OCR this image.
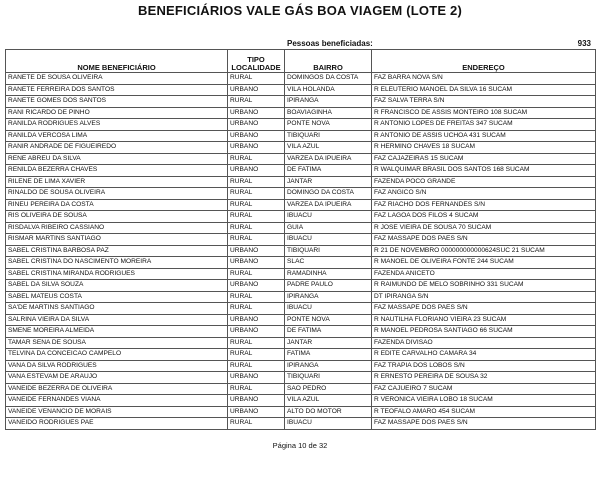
BENEFICIÁRIOS VALE GÁS BOA VIAGEM (LOTE 2)
Pessoas beneficiadas:	933
NOME BENEFICIÁRIO	TIPO LOCALIDADE	BAIRRO	ENDEREÇO
RANETE DE SOUSA OLIVEIRA	RURAL	DOMINGOS DA COSTA	FAZ BARRA NOVA S/N
RANETE FERREIRA DOS SANTOS	URBANO	VILA HOLANDA	R ELEUTERIO MANOEL DA SILVA 16 SUCAM
RANETE GOMES DOS SANTOS	RURAL	IPIRANGA	FAZ SALVA TERRA S/N
RANI RICARDO DE PINHO	URBANO	BOAVIAGINHA	R FRANCISCO DE ASSIS MONTEIRO 108 SUCAM
RANILDA RODRIGUES ALVES	URBANO	PONTE NOVA	R ANTONIO LOPES DE FREITAS 347 SUCAM
RANILDA VERCOSA LIMA	URBANO	TIBIQUARI	R ANTONIO DE ASSIS UCHOA 431 SUCAM
RANIR ANDRADE DE FIGUEIREDO	URBANO	VILA AZUL	R HERMINO CHAVES 18 SUCAM
RENE ABREU DA SILVA	RURAL	VARZEA DA IPUEIRA	FAZ CAJAZEIRAS 15 SUCAM
RENILDA BEZERRA CHAVES	URBANO	DE FATIMA	R WALQUIMAR BRASIL DOS SANTOS 168 SUCAM
RILENE DE LIMA XAVIER	RURAL	JANTAR	FAZENDA POCO GRANDE
RINALDO DE SOUSA OLIVEIRA	RURAL	DOMINGO DA COSTA	FAZ ANGICO S/N
RINEU PEREIRA DA COSTA	RURAL	VARZEA DA IPUEIRA	FAZ RIACHO DOS FERNANDES S/N
RIS OLIVEIRA DE SOUSA	RURAL	IBUACU	FAZ LAGOA DOS FILOS 4 SUCAM
RISDALVA RIBEIRO CASSIANO	RURAL	GUIA	R JOSE VIEIRA DE SOUSA 70 SUCAM
RISMAR MARTINS SANTIAGO	RURAL	IBUACU	FAZ MASSAPE DOS PAES S/N
SABEL CRISTINA BARBOSA PAZ	URBANO	TIBIQUARI	R 21 DE NOVEMBRO 000000000000624SUC 21 SUCAM
SABEL CRISTINA DO NASCIMENTO MOREIRA	URBANO	SLAC	R MANOEL DE OLIVEIRA FONTE 244 SUCAM
SABEL CRISTINA MIRANDA RODRIGUES	RURAL	RAMADINHA	FAZENDA ANICETO
SABEL DA SILVA SOUZA	URBANO	PADRE PAULO	R RAIMUNDO DE MELO SOBRINHO 331 SUCAM
SABEL MATEUS COSTA	RURAL	IPIRANGA	DT IPIRANGA S/N
SA'DE MARTINS SANTIAGO	RURAL	IBUACU	FAZ MASSAPE DOS PAES S/N
SALRINA VIEIRA DA SILVA	URBANO	PONTE NOVA	R NAUTILHA FLORIANO VIEIRA 23 SUCAM
SMENE MOREIRA ALMEIDA	URBANO	DE FATIMA	R MANOEL PEDROSA SANTIAGO 66 SUCAM
TAMAR SENA DE SOUSA	RURAL	JANTAR	FAZENDA DIVISAO
TELVINA DA CONCEICAO CAMPELO	RURAL	FATIMA	R EDITE CARVALHO CAMARA 34
VANA DA SILVA RODRIGUES	RURAL	IPIRANGA	FAZ TRAPIA DOS LOBOS S/N
VANA ESTEVAM DE ARAUJO	URBANO	TIBIQUARI	R ERNESTO PEREIRA DE SOUSA 32
VANEIDE BEZERRA DE OLIVEIRA	RURAL	SAO PEDRO	FAZ CAJUEIRO 7 SUCAM
VANEIDE FERNANDES VIANA	URBANO	VILA AZUL	R VERONICA VIEIRA LOBO 18 SUCAM
VANEIDE VENANCIO DE MORAIS	URBANO	ALTO DO MOTOR	R TEOFALO AMARO 454 SUCAM
VANEIDO RODRIGUES PAE	RURAL	IBUACU	FAZ MASSAPE DOS PAES S/N
Página 10 de 32
